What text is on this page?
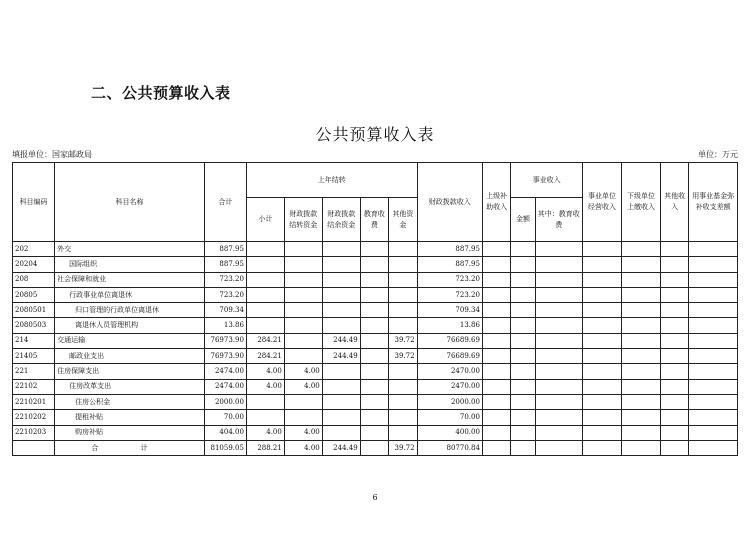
二、公共预算收入表
公共预算收入表
填报单位：国家邮政局	单位：万元
科目编码	科目名称	合计	上年结转					财政拨款收入	上级补助收入	事业收入		事业单位经营收入	下级单位上缴收入	其他收入	用事业基金弥补收支差额
			小计	财政拨款结转资金	财政拨款结余资金	教育收费	其他资金			金额	其中：教育收费				
202	外交	887.95						887.95							
20204	国际组织	887.95						887.95							
208	社会保障和就业	723.20						723.20							
20805	行政事业单位离退休	723.20						723.20							
2080501	归口管理的行政单位离退休	709.34						709.34							
2080503	离退休人员管理机构	13.86						13.86							
214	交通运输	76973.90	284.21		244.49		39.72	76689.69							
21405	邮政业支出	76973.90	284.21		244.49		39.72	76689.69							
221	住房保障支出	2474.00	4.00	4.00				2470.00							
22102	住房改革支出	2474.00	4.00	4.00				2470.00							
2210201	住房公积金	2000.00						2000.00							
2210202	提租补贴	70.00						70.00							
2210203	购房补贴	404.00	4.00	4.00				400.00							
	合 计	81059.05	288.21	4.00	244.49		39.72	80770.84							
6
